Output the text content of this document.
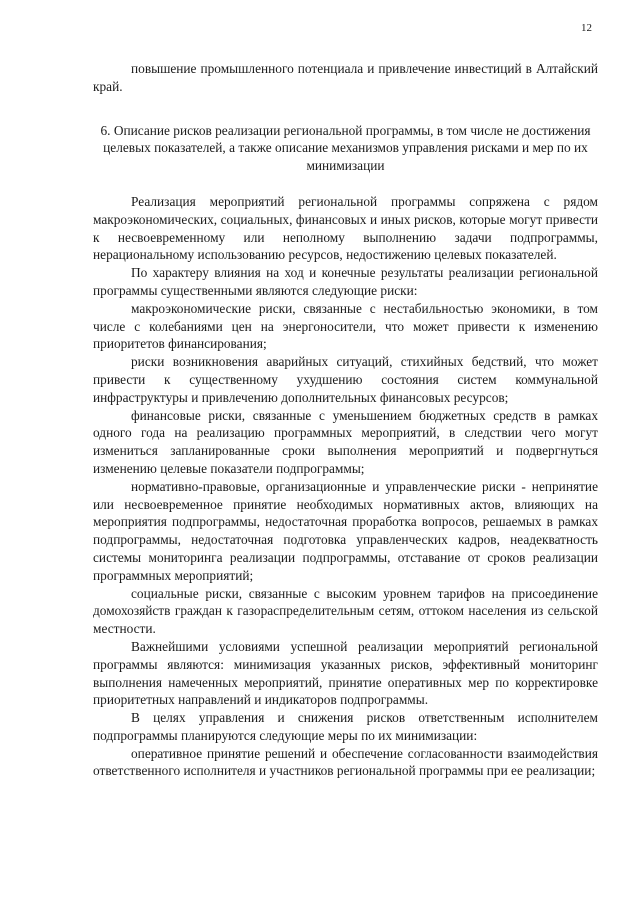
12

повышение промышленного потенциала и привлечение инвестиций в Алтайский край.

6. Описание рисков реализации региональной программы, в том числе не достижения целевых показателей, а также описание механизмов управления рисками и мер по их минимизации

Реализация мероприятий региональной программы сопряжена с рядом макроэкономических, социальных, финансовых и иных рисков, которые могут привести к несвоевременному или неполному выполнению задачи подпрограммы, нерациональному использованию ресурсов, недостижению целевых показателей.

По характеру влияния на ход и конечные результаты реализации региональной программы существенными являются следующие риски:

макроэкономические риски, связанные с нестабильностью экономики, в том числе с колебаниями цен на энергоносители, что может привести к изменению приоритетов финансирования;

риски возникновения аварийных ситуаций, стихийных бедствий, что может привести к существенному ухудшению состояния систем коммунальной инфраструктуры и привлечению дополнительных финансовых ресурсов;

финансовые риски, связанные с уменьшением бюджетных средств в рамках одного года на реализацию программных мероприятий, в следствии чего могут измениться запланированные сроки выполнения мероприятий и подвергнуться изменению целевые показатели подпрограммы;

нормативно-правовые, организационные и управленческие риски - непринятие или несвоевременное принятие необходимых нормативных актов, влияющих на мероприятия подпрограммы, недостаточная проработка вопросов, решаемых в рамках подпрограммы, недостаточная подготовка управленческих кадров, неадекватность системы мониторинга реализации подпрограммы, отставание от сроков реализации программных мероприятий;

социальные риски, связанные с высоким уровнем тарифов на присоединение домохозяйств граждан к газораспределительным сетям, оттоком населения из сельской местности.

Важнейшими условиями успешной реализации мероприятий региональной программы являются: минимизация указанных рисков, эффективный мониторинг выполнения намеченных мероприятий, принятие оперативных мер по корректировке приоритетных направлений и индикаторов подпрограммы.

В целях управления и снижения рисков ответственным исполнителем подпрограммы планируются следующие меры по их минимизации:

оперативное принятие решений и обеспечение согласованности взаимодействия ответственного исполнителя и участников региональной программы при ее реализации;
